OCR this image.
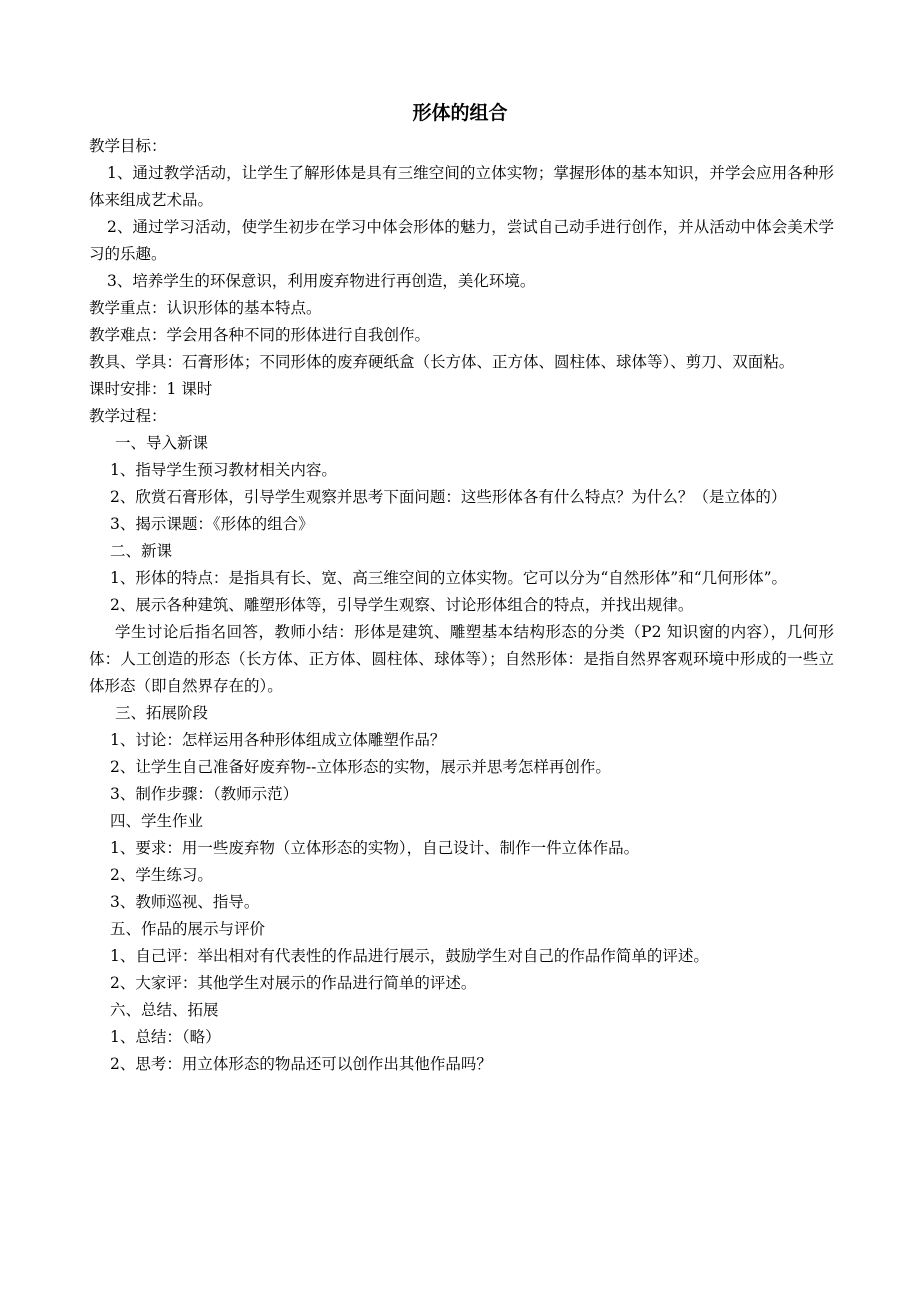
形体的组合

教学目标：

1、通过教学活动，让学生了解形体是具有三维空间的立体实物；掌握形体的基本知识，并学会应用各种形体来组成艺术品。

2、通过学习活动，使学生初步在学习中体会形体的魅力，尝试自己动手进行创作，并从活动中体会美术学习的乐趣。

3、培养学生的环保意识，利用废弃物进行再创造，美化环境。

教学重点：认识形体的基本特点。

教学难点：学会用各种不同的形体进行自我创作。

教具、学具：石膏形体；不同形体的废弃硬纸盒（长方体、正方体、圆柱体、球体等）、剪刀、双面粘。

课时安排：1 课时

教学过程：

一、导入新课

1、指导学生预习教材相关内容。

2、欣赏石膏形体，引导学生观察并思考下面问题：这些形体各有什么特点？为什么？（是立体的）

3、揭示课题：《形体的组合》

二、新课

1、形体的特点：是指具有长、宽、高三维空间的立体实物。它可以分为“自然形体”和“几何形体”。

2、展示各种建筑、雕塑形体等，引导学生观察、讨论形体组合的特点，并找出规律。

学生讨论后指名回答，教师小结：形体是建筑、雕塑基本结构形态的分类（P2 知识窗的内容），几何形体：人工创造的形态（长方体、正方体、圆柱体、球体等）；自然形体：是指自然界客观环境中形成的一些立体形态（即自然界存在的）。

三、拓展阶段

1、讨论：怎样运用各种形体组成立体雕塑作品？

2、让学生自己准备好废弃物--立体形态的实物，展示并思考怎样再创作。

3、制作步骤：（教师示范）

四、学生作业

1、要求：用一些废弃物（立体形态的实物），自己设计、制作一件立体作品。

2、学生练习。

3、教师巡视、指导。

五、作品的展示与评价

1、自己评：举出相对有代表性的作品进行展示，鼓励学生对自己的作品作简单的评述。

2、大家评：其他学生对展示的作品进行简单的评述。

六、总结、拓展

1、总结：（略）

2、思考：用立体形态的物品还可以创作出其他作品吗？
